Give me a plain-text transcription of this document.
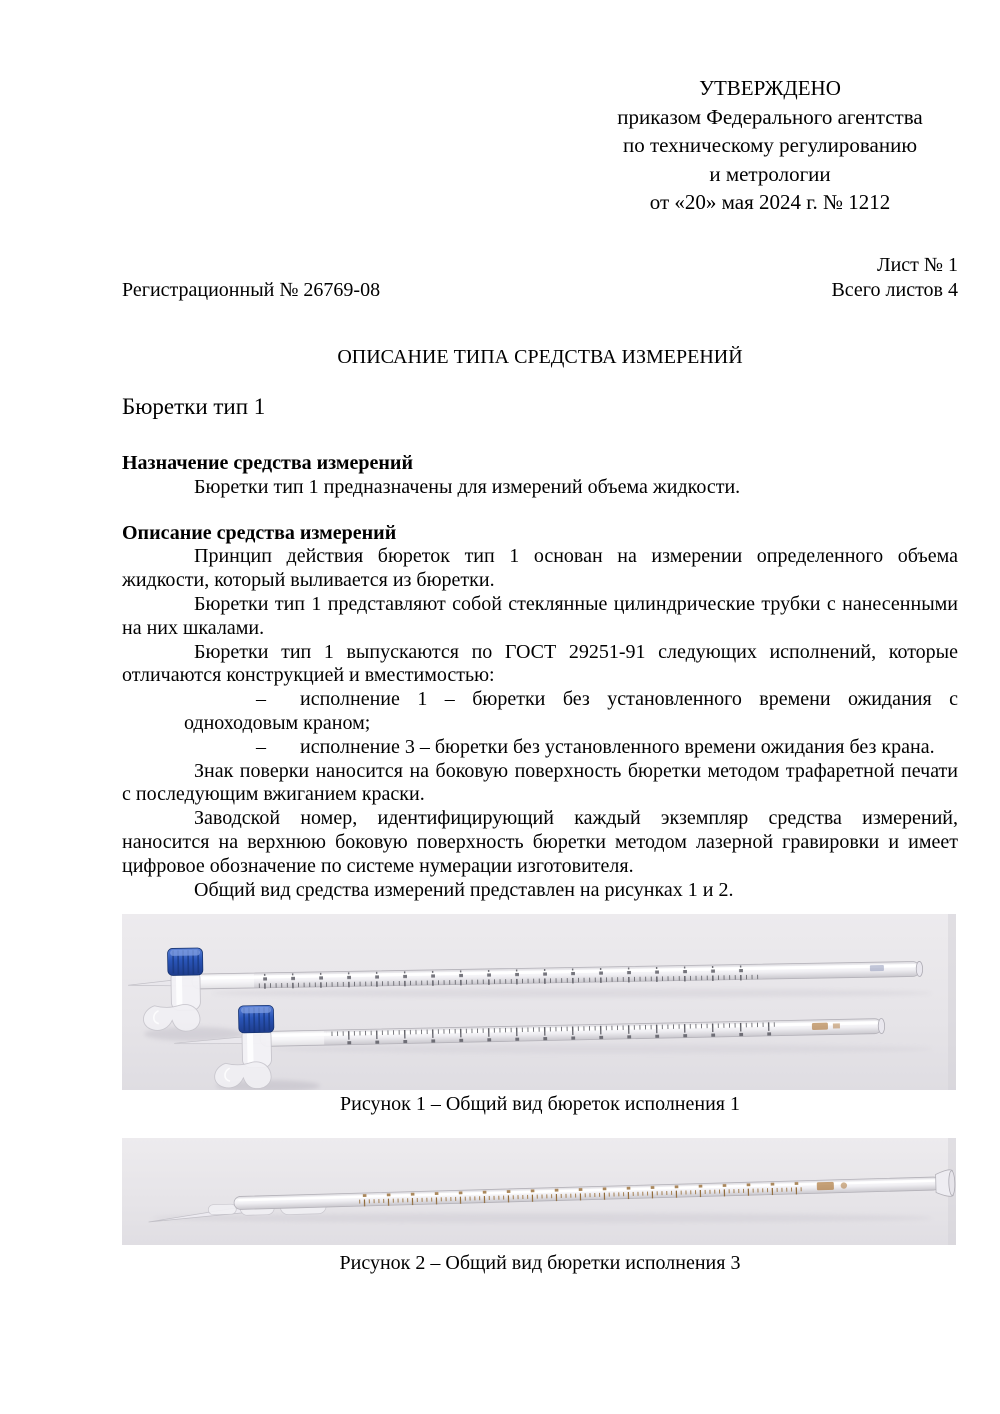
УТВЕРЖДЕНО
приказом Федерального агентства
по техническому регулированию
и метрологии
от «20» мая 2024 г. № 1212
Лист № 1
Регистрационный № 26769-08	Всего листов 4
ОПИСАНИЕ ТИПА СРЕДСТВА ИЗМЕРЕНИЙ
Бюретки тип 1
Назначение средства измерений

Бюретки тип 1 предназначены для измерений объема жидкости.

Описание средства измерений

Принцип действия бюреток тип 1 основан на измерении определенного объема жидкости, который выливается из бюретки.

Бюретки тип 1 представляют собой стеклянные цилиндрические трубки с нанесенными на них шкалами.

Бюретки тип 1 выпускаются по ГОСТ 29251-91 следующих исполнений, которые отличаются конструкцией и вместимостью:

– исполнение 1 – бюретки без установленного времени ожидания с одноходовым краном;

– исполнение 3 – бюретки без установленного времени ожидания без крана.

Знак поверки наносится на боковую поверхность бюретки методом трафаретной печати с последующим вжиганием краски.

Заводской номер, идентифицирующий каждый экземпляр средства измерений, наносится на верхнюю боковую поверхность бюретки методом лазерной гравировки и имеет цифровое обозначение по системе нумерации изготовителя.

Общий вид средства измерений представлен на рисунках 1 и 2.

Рисунок 1 – Общий вид бюреток исполнения 1
Рисунок 2 – Общий вид бюретки исполнения 3
